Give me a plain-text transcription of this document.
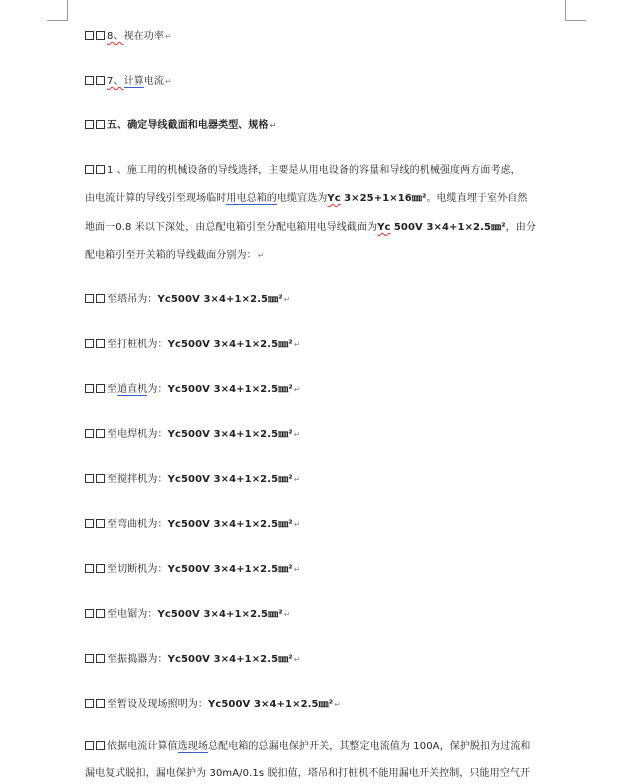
8、视在功率↵
7、计算电流↵
五、确定导线截面和电器类型、规格↵
1 、施工用的机械设备的导线选择，主要是从用电设备的容量和导线的机械强度两方面考虑，
由电流计算的导线引至现场临时用电总箱的电缆宜选为Yc 3×25+1×16㎜²。电缆直埋于室外自然
地面一0.8 米以下深处，由总配电箱引至分配电箱用电导线截面为Yc 500V 3×4+1×2.5㎜²，由分
配电箱引至开关箱的导线截面分别为：↵
至塔吊为：Yc500V 3×4+1×2.5㎜²↵
至打桩机为：Yc500V 3×4+1×2.5㎜²↵
至道直机为：Yc500V 3×4+1×2.5㎜²↵
至电焊机为：Yc500V 3×4+1×2.5㎜²↵
至搅拌机为：Yc500V 3×4+1×2.5㎜²↵
至弯曲机为：Yc500V 3×4+1×2.5㎜²↵
至切断机为：Yc500V 3×4+1×2.5㎜²↵
至电锯为：Yc500V 3×4+1×2.5㎜²↵
至振捣器为：Yc500V 3×4+1×2.5㎜²↵
至暂设及现场照明为：Yc500V 3×4+1×2.5㎜²↵
依据电流计算值选现场总配电箱的总漏电保护开关，其整定电流值为 100A，保护脱扣为过流和
漏电复式脱扣，漏电保护为 30mA/0.1s 脱扣值，塔吊和打桩机不能用漏电开关控制，只能用空气开
